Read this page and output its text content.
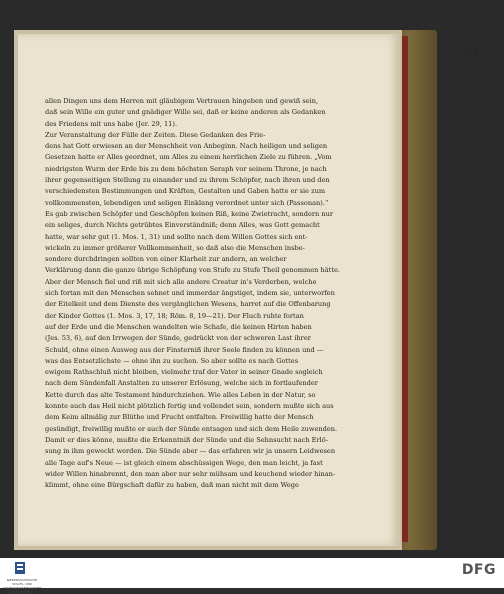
13

allen Dingen uns dem Herren mit gläubigem Vertrauen hingeben und gewiß sein,

daß sein Wille ein guter und gnädiger Wille sei, daß er keine anderen als Gedanken

des Friedens mit uns habe (Jer. 29, 11).

Zur Veranstaltung der Fülle der Zeiten. Diese Gedanken des Frie-

dens hat Gott erwiesen an der Menschheit von Anbeginn. Nach heiligen und seligen

Gesetzen hatte er Alles geordnet, um Alles zu einem herrlichen Ziele zu führen. „Vom

niedrigsten Wurm der Erde bis zu dem höchsten Seraph vor seinem Throne, je nach

ihrer gegenseitigen Stellung zu einander und zu ihrem Schöpfer, nach ihren und den

verschiedensten Bestimmungen und Kräften, Gestalten und Gaben hatte er sie zum

vollkommensten, lebendigen und seligen Einklang verordnet unter sich (Passonan).“

Es gab zwischen Schöpfer und Geschöpfen keinen Riß, keine Zwietracht, sondern nur

ein seliges, durch Nichts getrübtes Einverständniß; denn Alles, was Gott gemacht

hatte, war sehr gut (1. Mos. 1, 31) und sollte nach dem Willen Gottes sich ent-

wickeln zu immer größerer Vollkommenheit, so daß also die Menschen insbe-

sondere durchdringen sollten von einer Klarheit zur andern, an welcher

Verklärung dann die ganze übrige Schöpfung von Stufe zu Stufe Theil genommen hätte.

Aber der Mensch fiel und riß mit sich alle andere Creatur in's Verderben, welche

sich fortan mit den Menschen sehnet und immerdar ängstiget, indem sie, unterworfen

der Eitelkeit und dem Dienste des vergänglichen Wesens, harret auf die Offenbarung

der Kinder Gottes (1. Mos. 3, 17, 18; Röm. 8, 19—21). Der Fluch ruhte fortan

auf der Erde und die Menschen wandelten wie Schafe, die keinen Hirten haben

(Jes. 53, 6), auf den Irrwegen der Sünde, gedrückt von der schweren Last ihrer

Schuld, ohne einen Ausweg aus der Finsterniß ihrer Seele finden zu können und —

was das Entsetzlichste — ohne ihn zu suchen. So aber sollte es nach Gottes

ewigem Rathschluß nicht bleiben, vielmehr traf der Vater in seiner Gnade sogleich

nach dem Sündenfall Anstalten zu unserer Erlösung, welche sich in fortlaufender

Kette durch das alte Testament hindurchziehen. Wie alles Leben in der Natur, so

konnte auch das Heil nicht plötzlich fertig und vollendet sein, sondern mußte sich aus

dem Keim allmälig zur Blüthe und Frucht entfalten. Freiwillig hatte der Mensch

gesündigt, freiwillig mußte er auch der Sünde entsagen und sich dem Heile zuwenden.

Damit er dies könne, mußte die Erkenntniß der Sünde und die Sehnsucht nach Erlö-

sung in ihm geweckt werden. Die Sünde aber — das erfahren wir ja unsern Leidwesen

alle Tage auf's Neue — ist gleich einem abschüssigen Wege, den man leicht, ja fast

wider Willen hinabrennt, den man aber nur sehr mühsam und keuchend wieder hinan-

klimmt, ohne eine Bürgschaft dafür zu haben, daß man nicht mit dem Wege

NIEDERSÄCHSISCHE STAATS- UND UNIVERSITÄTSBIBLIOTHEK GÖTTINGEN
DFG
